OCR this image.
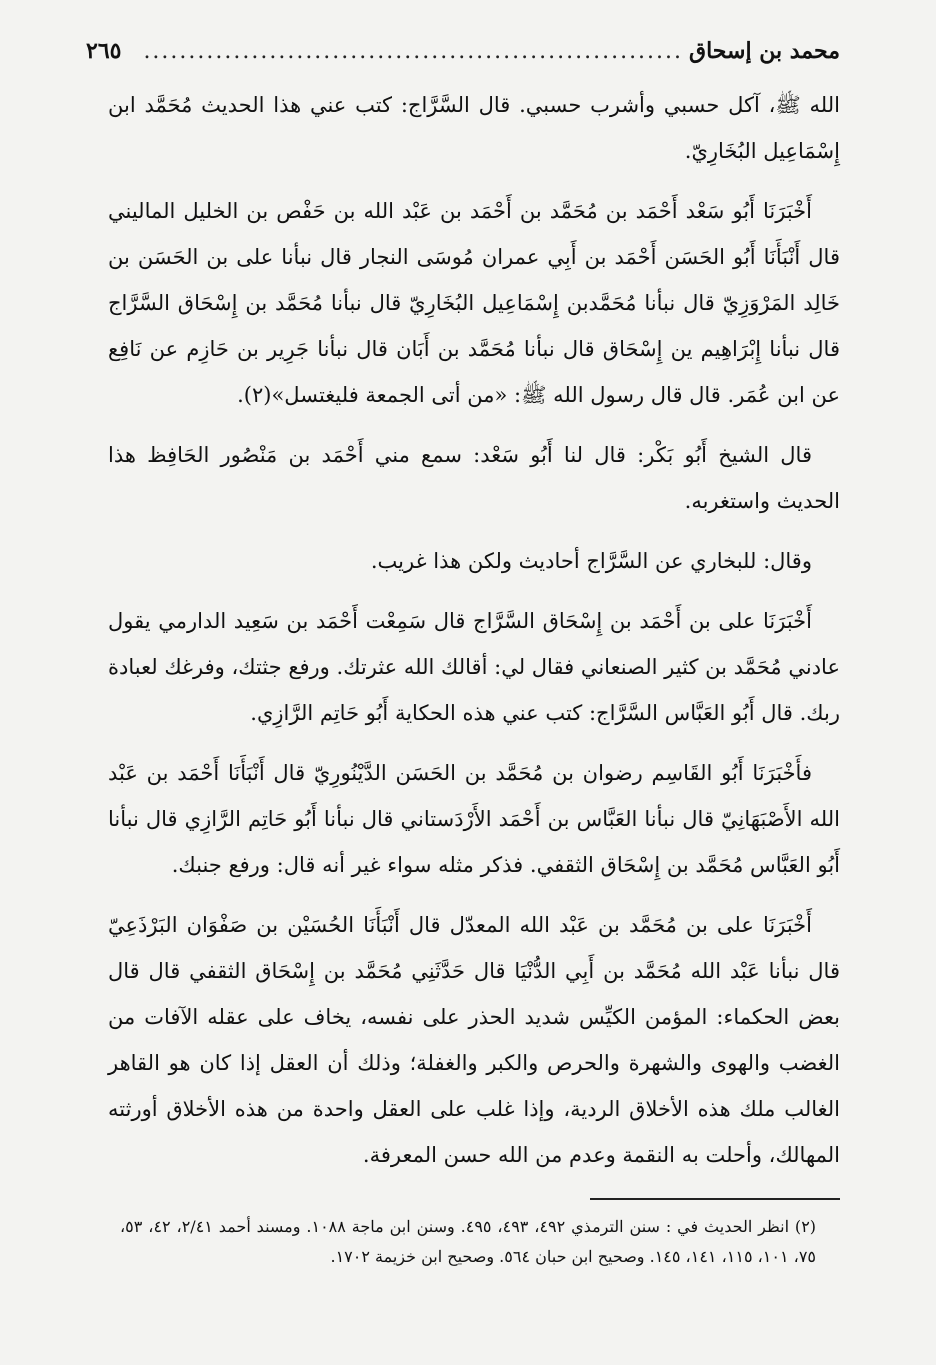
محمد بن إسحاق
............................................................
٢٦٥

الله ﷺ، آكل حسبي وأشرب حسبي. قال السَّرَّاج: كتب عني هذا الحديث مُحَمَّد ابن إِسْمَاعِيل البُخَارِيّ.

أَخْبَرَنَا أَبُو سَعْد أَحْمَد بن مُحَمَّد بن أَحْمَد بن عَبْد الله بن حَفْص بن الخليل الماليني قال أَنْبَأَنَا أَبُو الحَسَن أَحْمَد بن أَبِي عمران مُوسَى النجار قال نبأنا على بن الحَسَن بن خَالِد المَرْوَزِيّ قال نبأنا مُحَمَّدبن إِسْمَاعِيل البُخَارِيّ قال نبأنا مُحَمَّد بن إِسْحَاق السَّرَّاج قال نبأنا إِبْرَاهِيم ين إِسْحَاق قال نبأنا مُحَمَّد بن أَبَان قال نبأنا جَرِير بن حَازِم عن نَافِع عن ابن عُمَر. قال قال رسول الله ﷺ: «من أتى الجمعة فليغتسل»(٢).

قال الشيخ أَبُو بَكْر: قال لنا أَبُو سَعْد: سمع مني أَحْمَد بن مَنْصُور الحَافِظ هذا الحديث واستغربه.

وقال: للبخاري عن السَّرَّاج أحاديث ولكن هذا غريب.

أَخْبَرَنَا على بن أَحْمَد بن إِسْحَاق السَّرَّاج قال سَمِعْت أَحْمَد بن سَعِيد الدارمي يقول عادني مُحَمَّد بن كثير الصنعاني فقال لي: أقالك الله عثرتك. ورفع جثتك، وفرغك لعبادة ربك. قال أَبُو العَبَّاس السَّرَّاج: كتب عني هذه الحكاية أَبُو حَاتِم الرَّازِي.

فأَخْبَرَنَا أَبُو القَاسِم رضوان بن مُحَمَّد بن الحَسَن الدَّيْنُورِيّ قال أَنْبَأَنَا أَحْمَد بن عَبْد الله الأَصْبَهَانِيّ قال نبأنا العَبَّاس بن أَحْمَد الأَرْدَستاني قال نبأنا أَبُو حَاتِم الرَّازِي قال نبأنا أَبُو العَبَّاس مُحَمَّد بن إِسْحَاق الثقفي. فذكر مثله سواء غير أنه قال: ورفع جنبك.

أَخْبَرَنَا على بن مُحَمَّد بن عَبْد الله المعدّل قال أَنْبَأَنَا الحُسَيْن بن صَفْوَان البَرْذَعِيّ قال نبأنا عَبْد الله مُحَمَّد بن أَبِي الدُّنْيَا قال حَدَّثَنِي مُحَمَّد بن إِسْحَاق الثقفي قال قال بعض الحكماء: المؤمن الكيِّس شديد الحذر على نفسه، يخاف على عقله الآفات من الغضب والهوى والشهرة والحرص والكبر والغفلة؛ وذلك أن العقل إذا كان هو القاهر الغالب ملك هذه الأخلاق الردية، وإذا غلب على العقل واحدة من هذه الأخلاق أورثته المهالك، وأحلت به النقمة وعدم من الله حسن المعرفة.

(٢) انظر الحديث في : سنن الترمذي ٤٩٢، ٤٩٣، ٤٩٥. وسنن ابن ماجة ١٠٨٨. ومسند أحمد ٢/٤١، ٤٢، ٥٣، ٧٥، ١٠١، ١١٥، ١٤١، ١٤٥. وصحيح ابن حبان ٥٦٤. وصحيح ابن خزيمة ١٧٠٢.
